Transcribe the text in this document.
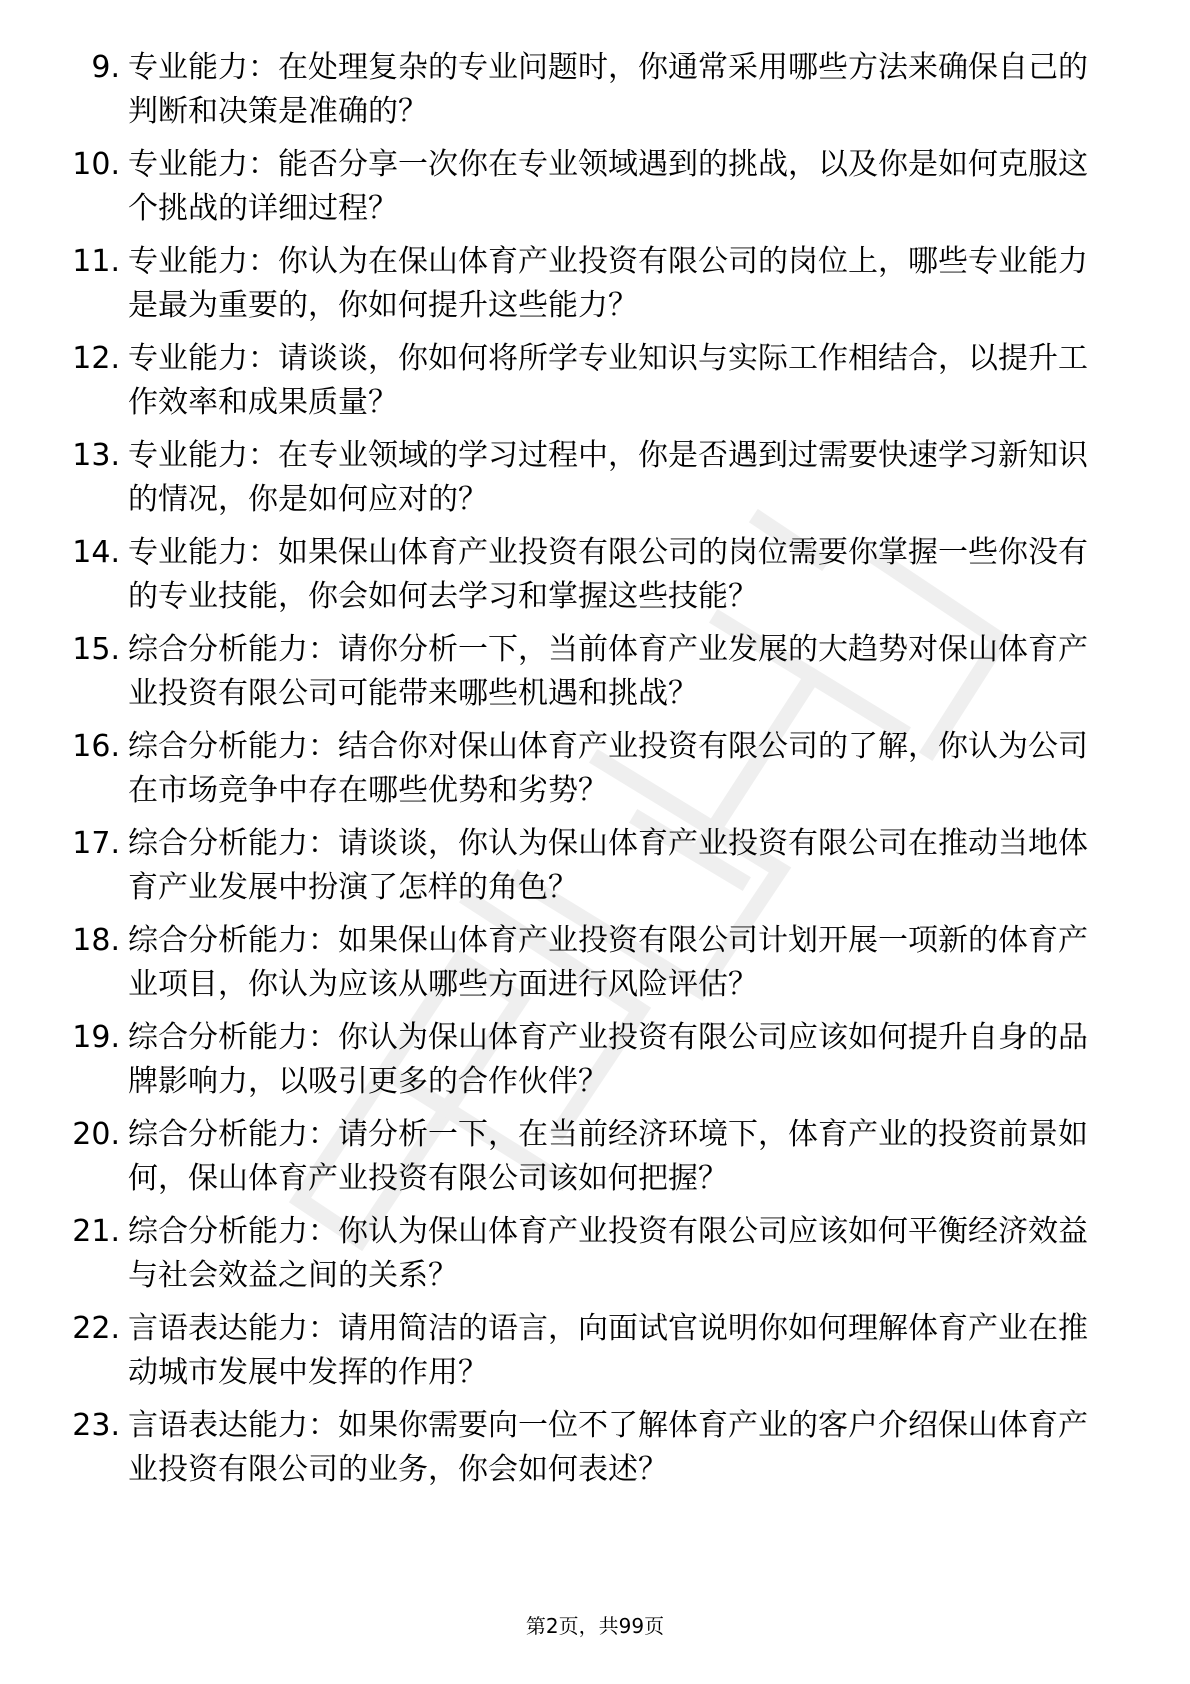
9. 专业能力：在处理复杂的专业问题时，你通常采用哪些方法来确保自己的判断和决策是准确的？
10. 专业能力：能否分享一次你在专业领域遇到的挑战，以及你是如何克服这个挑战的详细过程？
11. 专业能力：你认为在保山体育产业投资有限公司的岗位上，哪些专业能力是最为重要的，你如何提升这些能力？
12. 专业能力：请谈谈，你如何将所学专业知识与实际工作相结合，以提升工作效率和成果质量？
13. 专业能力：在专业领域的学习过程中，你是否遇到过需要快速学习新知识的情况，你是如何应对的？
14. 专业能力：如果保山体育产业投资有限公司的岗位需要你掌握一些你没有的专业技能，你会如何去学习和掌握这些技能？
15. 综合分析能力：请你分析一下，当前体育产业发展的大趋势对保山体育产业投资有限公司可能带来哪些机遇和挑战？
16. 综合分析能力：结合你对保山体育产业投资有限公司的了解，你认为公司在市场竞争中存在哪些优势和劣势？
17. 综合分析能力：请谈谈，你认为保山体育产业投资有限公司在推动当地体育产业发展中扮演了怎样的角色？
18. 综合分析能力：如果保山体育产业投资有限公司计划开展一项新的体育产业项目，你认为应该从哪些方面进行风险评估？
19. 综合分析能力：你认为保山体育产业投资有限公司应该如何提升自身的品牌影响力，以吸引更多的合作伙伴？
20. 综合分析能力：请分析一下，在当前经济环境下，体育产业的投资前景如何，保山体育产业投资有限公司该如何把握？
21. 综合分析能力：你认为保山体育产业投资有限公司应该如何平衡经济效益与社会效益之间的关系？
22. 言语表达能力：请用简洁的语言，向面试官说明你如何理解体育产业在推动城市发展中发挥的作用？
23. 言语表达能力：如果你需要向一位不了解体育产业的客户介绍保山体育产业投资有限公司的业务，你会如何表述？
第2页，共99页
